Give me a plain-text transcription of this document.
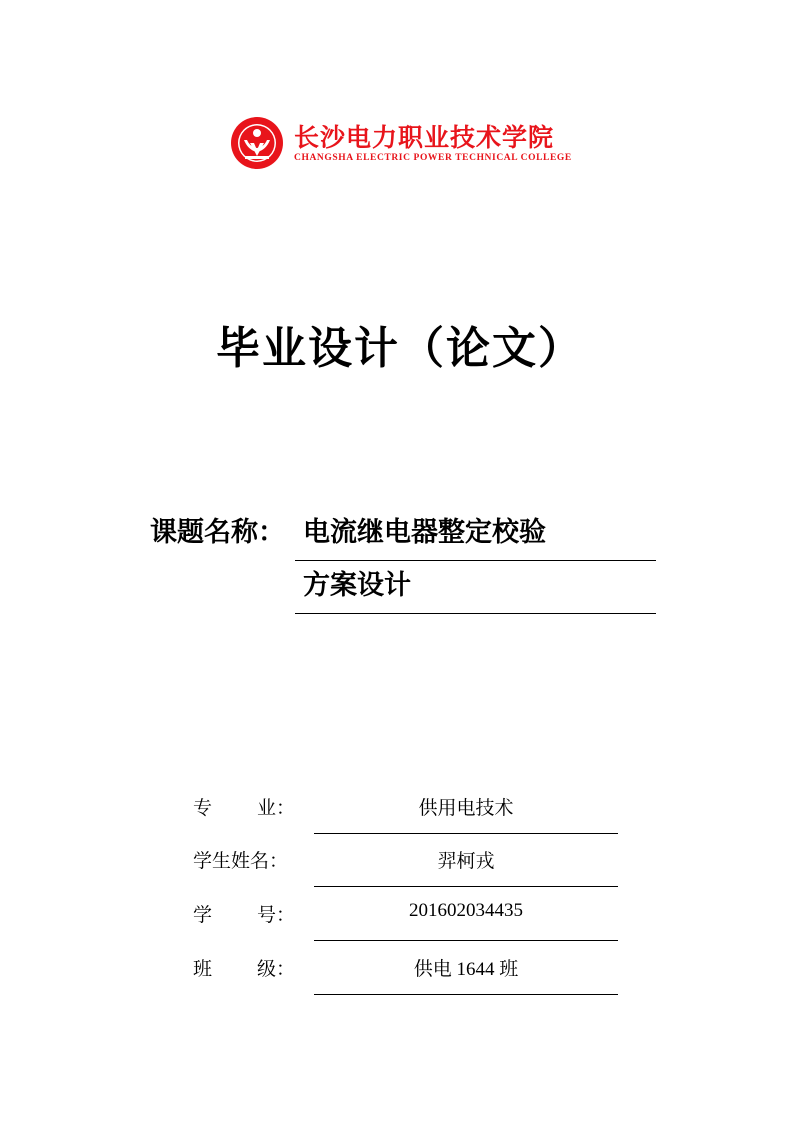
长沙电力职业技术学院
CHANGSHA ELECTRIC POWER TECHNICAL COLLEGE
毕业设计（论文）
课题名称： 电流继电器整定校验
方案设计
专 业：	供用电技术
学生姓名：	羿柯戎
学 号：	201602034435
班 级：	供电 1644 班
